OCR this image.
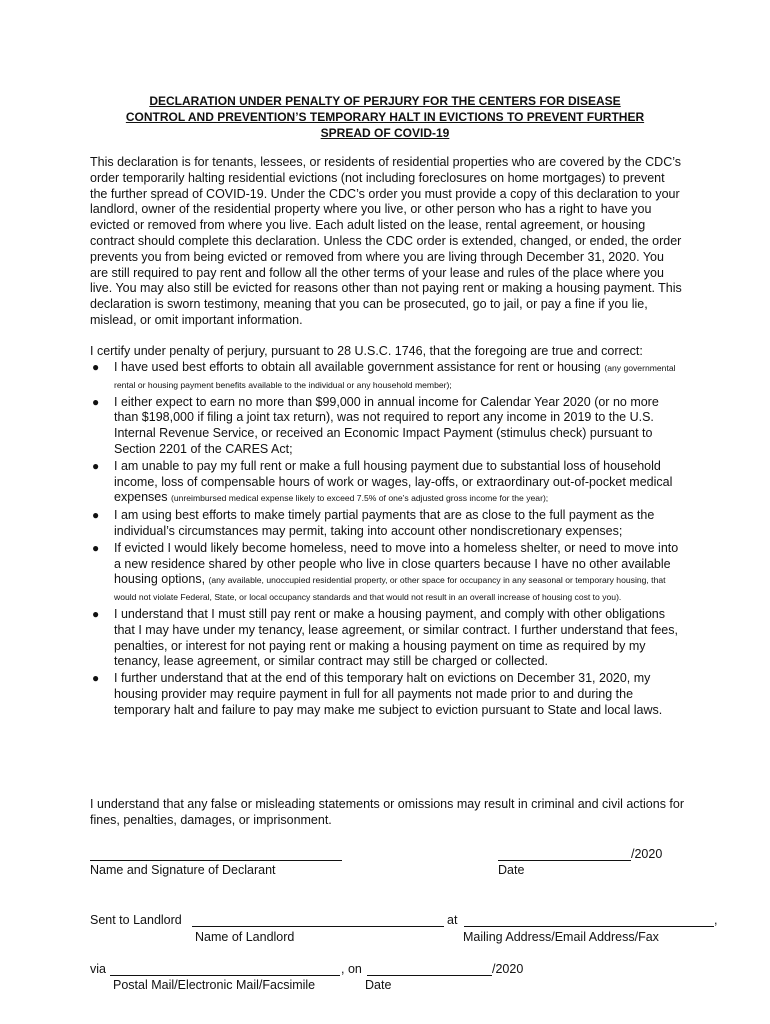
DECLARATION UNDER PENALTY OF PERJURY FOR THE CENTERS FOR DISEASE
CONTROL AND PREVENTION’S TEMPORARY HALT IN EVICTIONS TO PREVENT FURTHER
SPREAD OF COVID-19

This declaration is for tenants, lessees, or residents of residential properties who are covered by the CDC’s order temporarily halting residential evictions (not including foreclosures on home mortgages) to prevent the further spread of COVID-19. Under the CDC’s order you must provide a copy of this declaration to your landlord, owner of the residential property where you live, or other person who has a right to have you evicted or removed from where you live. Each adult listed on the lease, rental agreement, or housing contract should complete this declaration. Unless the CDC order is extended, changed, or ended, the order prevents you from being evicted or removed from where you are living through December 31, 2020. You are still required to pay rent and follow all the other terms of your lease and rules of the place where you live. You may also still be evicted for reasons other than not paying rent or making a housing payment. This declaration is sworn testimony, meaning that you can be prosecuted, go to jail, or pay a fine if you lie, mislead, or omit important information.

I certify under penalty of perjury, pursuant to 28 U.S.C. 1746, that the foregoing are true and correct:

● I have used best efforts to obtain all available government assistance for rent or housing (any governmental rental or housing payment benefits available to the individual or any household member);
● I either expect to earn no more than $99,000 in annual income for Calendar Year 2020 (or no more than $198,000 if filing a joint tax return), was not required to report any income in 2019 to the U.S. Internal Revenue Service, or received an Economic Impact Payment (stimulus check) pursuant to Section 2201 of the CARES Act;
● I am unable to pay my full rent or make a full housing payment due to substantial loss of household income, loss of compensable hours of work or wages, lay-offs, or extraordinary out-of-pocket medical expenses (unreimbursed medical expense likely to exceed 7.5% of one’s adjusted gross income for the year);
● I am using best efforts to make timely partial payments that are as close to the full payment as the individual’s circumstances may permit, taking into account other nondiscretionary expenses;
● If evicted I would likely become homeless, need to move into a homeless shelter, or need to move into a new residence shared by other people who live in close quarters because I have no other available housing options, (any available, unoccupied residential property, or other space for occupancy in any seasonal or temporary housing, that would not violate Federal, State, or local occupancy standards and that would not result in an overall increase of housing cost to you).
● I understand that I must still pay rent or make a housing payment, and comply with other obligations that I may have under my tenancy, lease agreement, or similar contract. I further understand that fees, penalties, or interest for not paying rent or making a housing payment on time as required by my tenancy, lease agreement, or similar contract may still be charged or collected.
● I further understand that at the end of this temporary halt on evictions on December 31, 2020, my housing provider may require payment in full for all payments not made prior to and during the temporary halt and failure to pay may make me subject to eviction pursuant to State and local laws.

I understand that any false or misleading statements or omissions may result in criminal and civil actions for fines, penalties, damages, or imprisonment.

/2020
Name and Signature of Declarant	Date
Sent to Landlord	at	,
Name of Landlord	Mailing Address/Email Address/Fax
via	, on	/2020
Postal Mail/Electronic Mail/Facsimile	Date
